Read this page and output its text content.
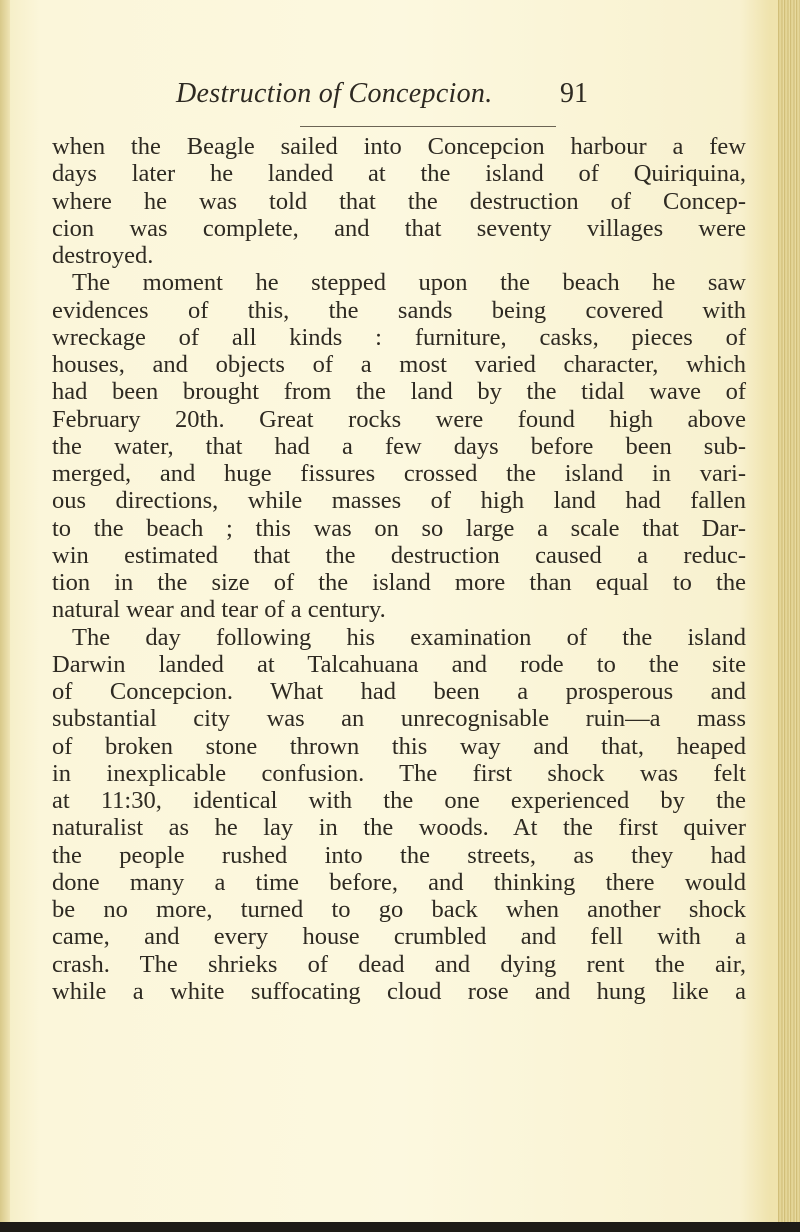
Destruction of Concepcion. 91
when the Beagle sailed into Concepcion harbour a few
days later he landed at the island of Quiriquina,
where he was told that the destruction of Concep-
cion was complete, and that seventy villages were
destroyed.
The moment he stepped upon the beach he saw
evidences of this, the sands being covered with
wreckage of all kinds : furniture, casks, pieces of
houses, and objects of a most varied character, which
had been brought from the land by the tidal wave of
February 20th. Great rocks were found high above
the water, that had a few days before been sub-
merged, and huge fissures crossed the island in vari-
ous directions, while masses of high land had fallen
to the beach ; this was on so large a scale that Dar-
win estimated that the destruction caused a reduc-
tion in the size of the island more than equal to the
natural wear and tear of a century.
The day following his examination of the island
Darwin landed at Talcahuana and rode to the site
of Concepcion. What had been a prosperous and
substantial city was an unrecognisable ruin—a mass
of broken stone thrown this way and that, heaped
in inexplicable confusion. The first shock was felt
at 11:30, identical with the one experienced by the
naturalist as he lay in the woods. At the first quiver
the people rushed into the streets, as they had
done many a time before, and thinking there would
be no more, turned to go back when another shock
came, and every house crumbled and fell with a
crash. The shrieks of dead and dying rent the air,
while a white suffocating cloud rose and hung like a
